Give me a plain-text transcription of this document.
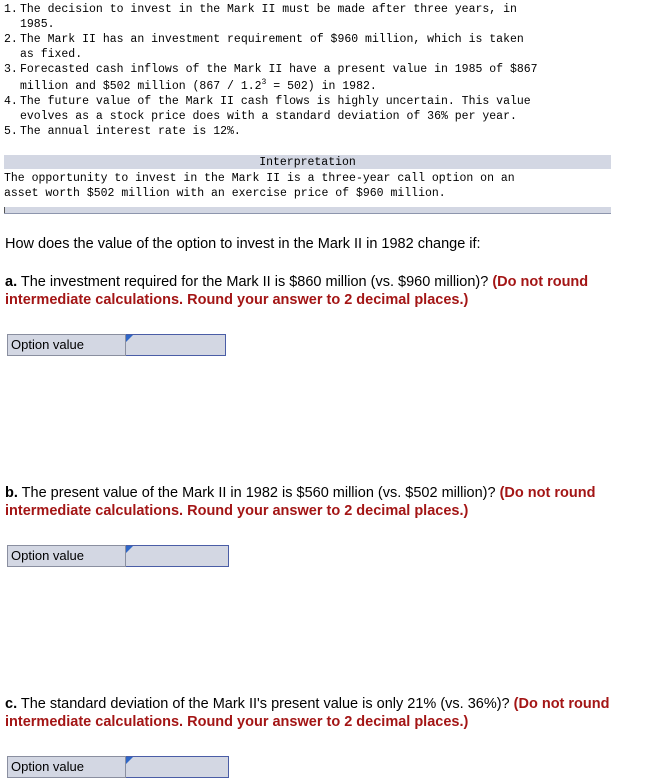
1. The decision to invest in the Mark II must be made after three years, in
1985.
2. The Mark II has an investment requirement of $960 million, which is taken
as fixed.
3. Forecasted cash inflows of the Mark II have a present value in 1985 of $867
million and $502 million $(867 / 1.2^3 = 502)$ in 1982.
4. The future value of the Mark II cash flows is highly uncertain. This value
evolves as a stock price does with a standard deviation of 36% per year.
5. The annual interest rate is 12%.
Interpretation
The opportunity to invest in the Mark II is a three-year call option on an
asset worth $502 million with an exercise price of $960 million.
How does the value of the option to invest in the Mark II in 1982 change if:
a. The investment required for the Mark II is $860 million (vs. $960 million)? (Do not round intermediate calculations. Round your answer to 2 decimal places.)
Option value
b. The present value of the Mark II in 1982 is $560 million (vs. $502 million)? (Do not round intermediate calculations. Round your answer to 2 decimal places.)
Option value
c. The standard deviation of the Mark II's present value is only 21% (vs. 36%)? (Do not round intermediate calculations. Round your answer to 2 decimal places.)
Option value
